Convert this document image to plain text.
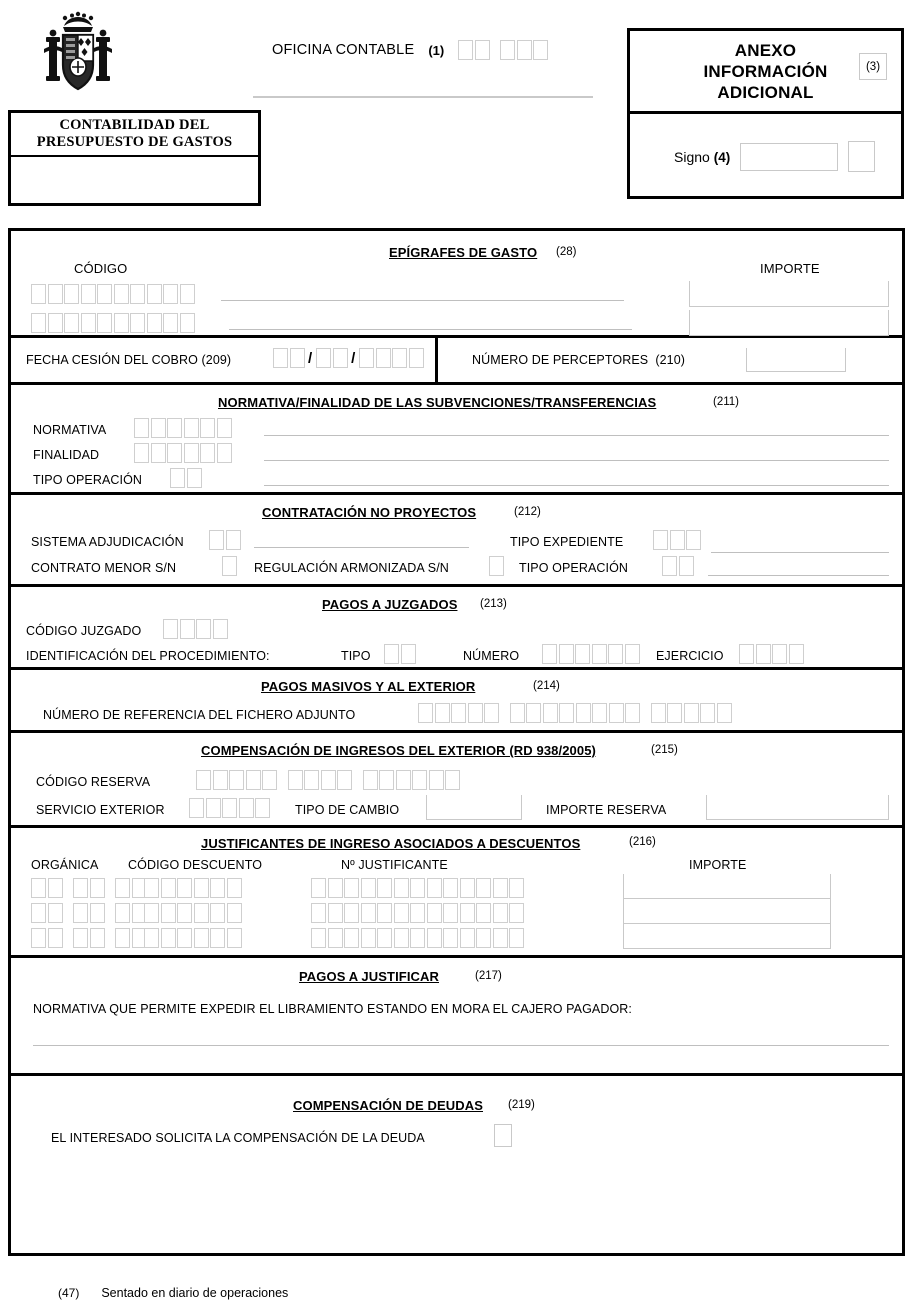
CONTABILIDAD DEL
PRESUPUESTO DE GASTOS
OFICINA CONTABLE (1)	ANEXO
INFORMACIÓN
ADICIONAL
(3)
Signo (4)
EPÍGRAFES DE GASTO (28)
CÓDIGO	IMPORTE
FECHA CESIÓN DEL COBRO (209)	/	/	NÚMERO DE PERCEPTORES (210)
NORMATIVA/FINALIDAD DE LAS SUBVENCIONES/TRANSFERENCIAS	(211)
NORMATIVA
FINALIDAD
TIPO OPERACIÓN
CONTRATACIÓN NO PROYECTOS	(212)
SISTEMA ADJUDICACIÓN	TIPO EXPEDIENTE
CONTRATO MENOR S/N	REGULACIÓN ARMONIZADA S/N	TIPO OPERACIÓN
PAGOS A JUZGADOS (213)
CÓDIGO JUZGADO
IDENTIFICACIÓN DEL PROCEDIMIENTO:	TIPO	NÚMERO	EJERCICIO
PAGOS MASIVOS Y AL EXTERIOR	(214)
NÚMERO DE REFERENCIA DEL FICHERO ADJUNTO
COMPENSACIÓN DE INGRESOS DEL EXTERIOR (RD 938/2005)	(215)
CÓDIGO RESERVA
SERVICIO EXTERIOR	TIPO DE CAMBIO	IMPORTE RESERVA
JUSTIFICANTES DE INGRESO ASOCIADOS A DESCUENTOS	(216)
ORGÁNICA CÓDIGO DESCUENTO	Nº JUSTIFICANTE	IMPORTE
PAGOS A JUSTIFICAR	(217)
NORMATIVA QUE PERMITE EXPEDIR EL LIBRAMIENTO ESTANDO EN MORA EL CAJERO PAGADOR:
COMPENSACIÓN DE DEUDAS (219)
EL INTERESADO SOLICITA LA COMPENSACIÓN DE LA DEUDA
(47) Sentado en diario de operaciones
